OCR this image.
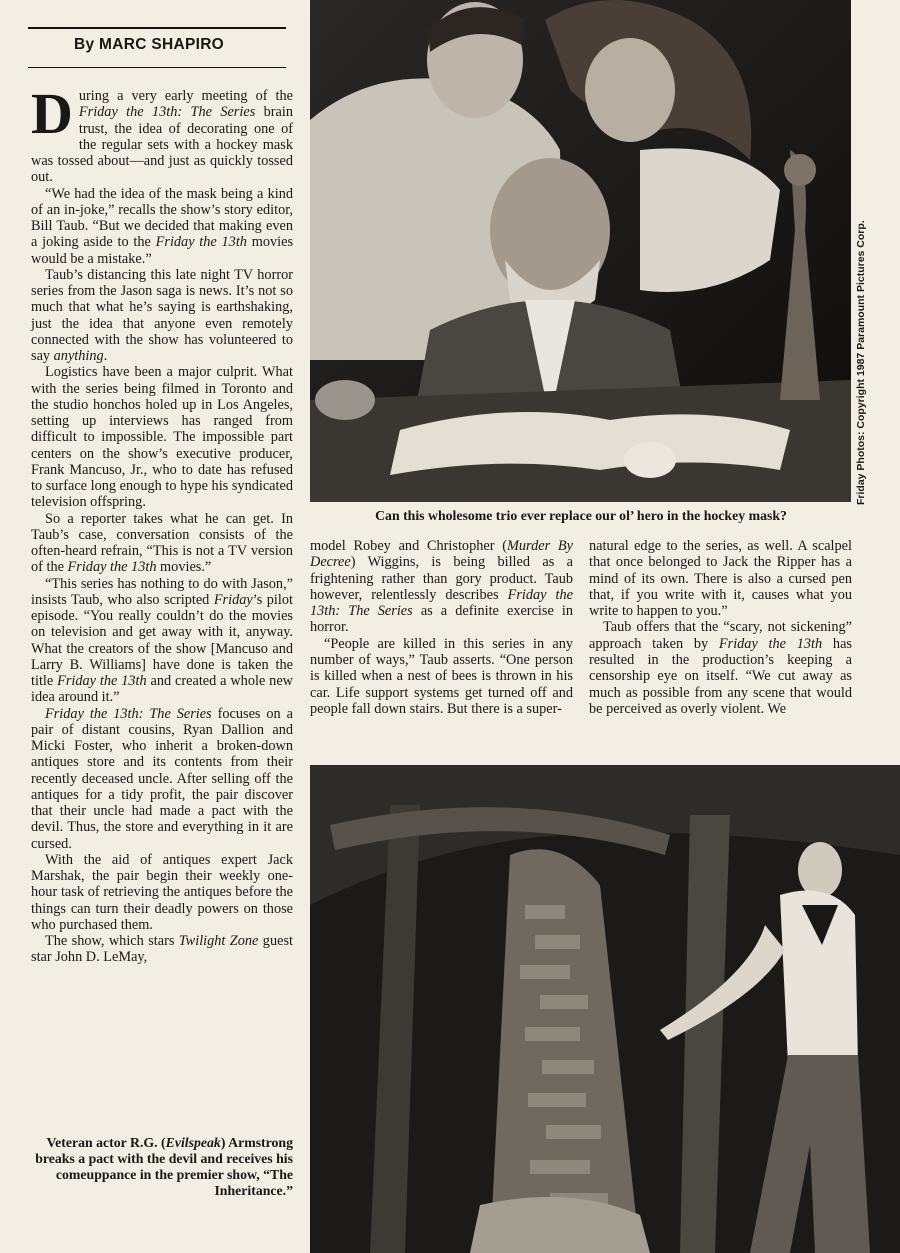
By MARC SHAPIRO

During a very early meeting of the Friday the 13th: The Series brain trust, the idea of decorating one of the regular sets with a hockey mask was tossed about—and just as quickly tossed out.

“We had the idea of the mask being a kind of an in-joke,” recalls the show’s story editor, Bill Taub. “But we decided that making even a joking aside to the Friday the 13th movies would be a mistake.”

Taub’s distancing this late night TV horror series from the Jason saga is news. It’s not so much that what he’s saying is earthshaking, just the idea that anyone even remotely connected with the show has volunteered to say anything.

Logistics have been a major culprit. What with the series being filmed in Toronto and the studio honchos holed up in Los Angeles, setting up interviews has ranged from difficult to impossible. The impossible part centers on the show’s executive producer, Frank Mancuso, Jr., who to date has refused to surface long enough to hype his syndicated television offspring.

So a reporter takes what he can get. In Taub’s case, conversation consists of the often-heard refrain, “This is not a TV version of the Friday the 13th movies.”

“This series has nothing to do with Jason,” insists Taub, who also scripted Friday’s pilot episode. “You really couldn’t do the movies on television and get away with it, anyway. What the creators of the show [Mancuso and Larry B. Williams] have done is taken the title Friday the 13th and created a whole new idea around it.”

Friday the 13th: The Series focuses on a pair of distant cousins, Ryan Dallion and Micki Foster, who inherit a broken-down antiques store and its contents from their recently deceased uncle. After selling off the antiques for a tidy profit, the pair discover that their uncle had made a pact with the devil. Thus, the store and everything in it are cursed.

With the aid of antiques expert Jack Marshak, the pair begin their weekly one-hour task of retrieving the antiques before the things can turn their deadly powers on those who purchased them.

The show, which stars Twilight Zone guest star John D. LeMay,

model Robey and Christopher (Murder By Decree) Wiggins, is being billed as a frightening rather than gory product. Taub however, relentlessly describes Friday the 13th: The Series as a definite exercise in horror.

“People are killed in this series in any number of ways,” Taub asserts. “One person is killed when a nest of bees is thrown in his car. Life support systems get turned off and people fall down stairs. But there is a super-

natural edge to the series, as well. A scalpel that once belonged to Jack the Ripper has a mind of its own. There is also a cursed pen that, if you write with it, causes what you write to happen to you.”

Taub offers that the “scary, not sickening” approach taken by Friday the 13th has resulted in the production’s keeping a censorship eye on itself. “We cut away as much as possible from any scene that would be perceived as overly violent. We

Can this wholesome trio ever replace our ol’ hero in the hockey mask?
Friday Photos: Copyright 1987 Paramount Pictures Corp.
Veteran actor R.G. (Evilspeak) Armstrong breaks a pact with the devil and receives his comeuppance in the premier show, “The Inheritance.”
